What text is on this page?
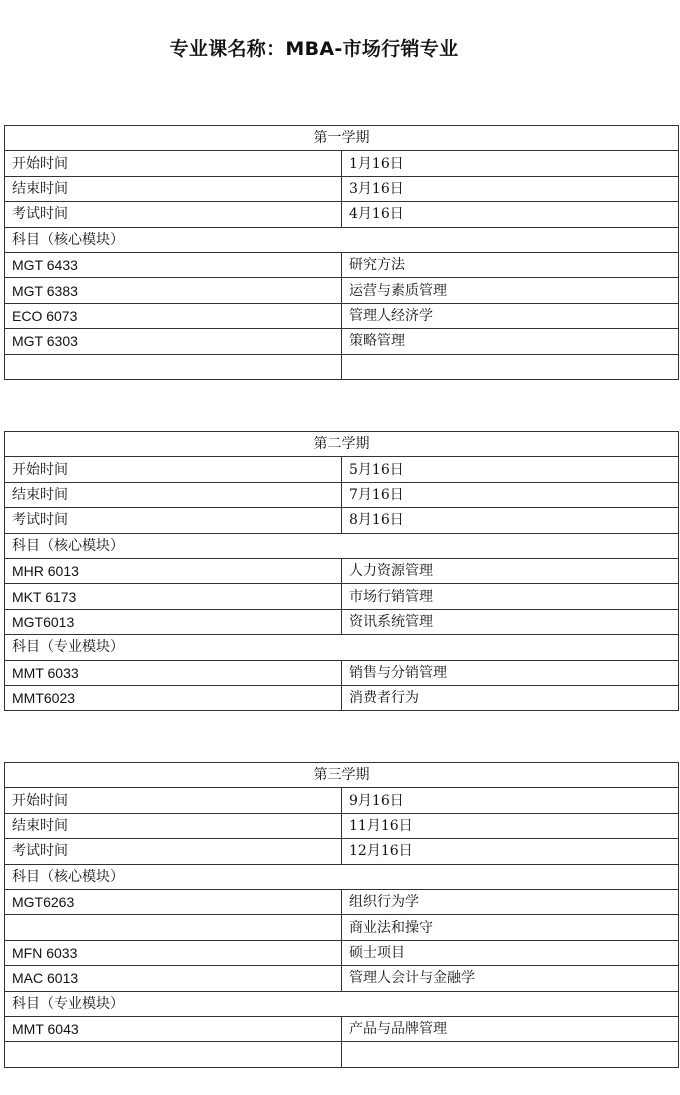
专业课名称：MBA-市场行销专业
第一学期	
开始时间	1月16日
结束时间	3月16日
考试时间	4月16日
科目（核心模块）	
MGT 6433	研究方法
MGT 6383	运营与素质管理
ECO 6073	管理人经济学
MGT 6303	策略管理

第二学期	
开始时间	5月16日
结束时间	7月16日
考试时间	8月16日
科目（核心模块）	
MHR 6013	人力资源管理
MKT 6173	市场行销管理
MGT6013	资讯系统管理
科目（专业模块）	
MMT 6033	销售与分销管理
MMT6023	消费者行为
第三学期	
开始时间	9月16日
结束时间	11月16日
考试时间	12月16日
科目（核心模块）	
MGT6263	组织行为学
	商业法和操守
MFN 6033	硕士项目
MAC 6013	管理人会计与金融学
科目（专业模块）	
MMT 6043	产品与品牌管理
